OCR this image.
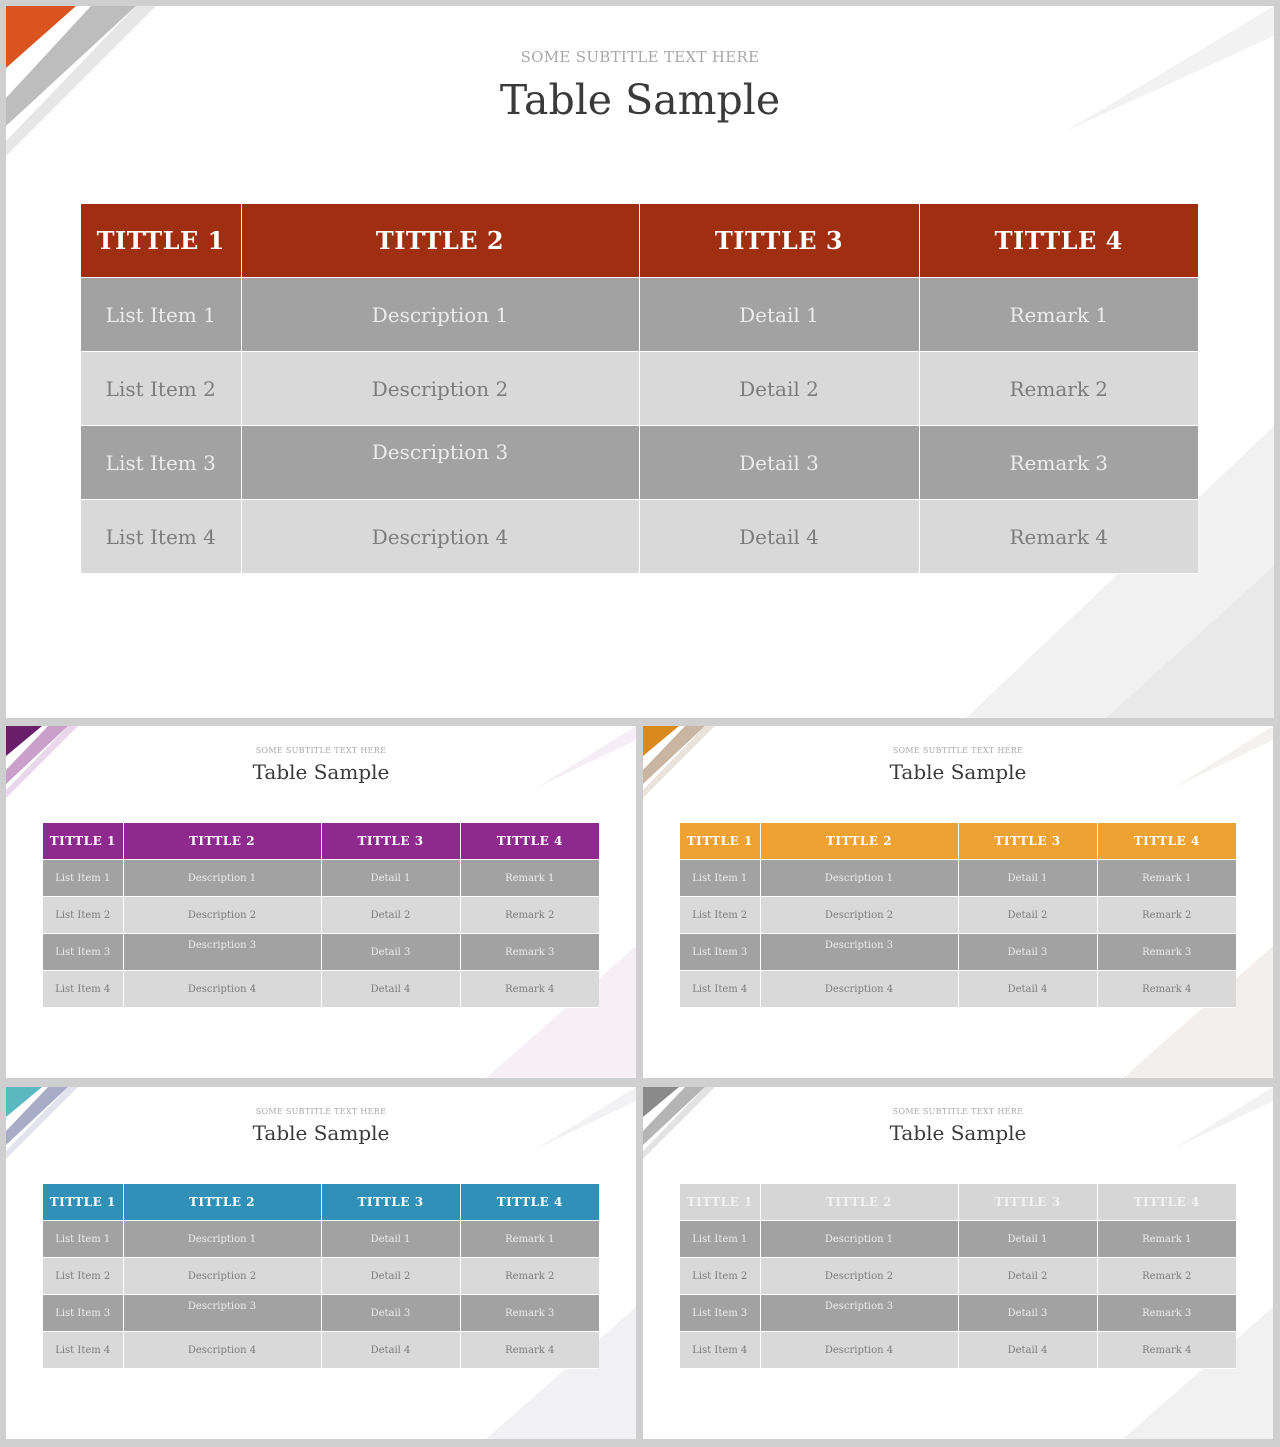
SOME SUBTITLE TEXT HERE
Table Sample
TITTLE 1	TITTLE 2	TITTLE 3	TITTLE 4
List Item 1	Description 1	Detail 1	Remark 1
List Item 2	Description 2	Detail 2	Remark 2
List Item 3	Description 3	Detail 3	Remark 3
List Item 4	Description 4	Detail 4	Remark 4
SOME SUBTITLE TEXT HERE
Table Sample
TITTLE 1	TITTLE 2	TITTLE 3	TITTLE 4
List Item 1	Description 1	Detail 1	Remark 1
List Item 2	Description 2	Detail 2	Remark 2
List Item 3	Description 3	Detail 3	Remark 3
List Item 4	Description 4	Detail 4	Remark 4
SOME SUBTITLE TEXT HERE
Table Sample
TITTLE 1	TITTLE 2	TITTLE 3	TITTLE 4
List Item 1	Description 1	Detail 1	Remark 1
List Item 2	Description 2	Detail 2	Remark 2
List Item 3	Description 3	Detail 3	Remark 3
List Item 4	Description 4	Detail 4	Remark 4
SOME SUBTITLE TEXT HERE
Table Sample
TITTLE 1	TITTLE 2	TITTLE 3	TITTLE 4
List Item 1	Description 1	Detail 1	Remark 1
List Item 2	Description 2	Detail 2	Remark 2
List Item 3	Description 3	Detail 3	Remark 3
List Item 4	Description 4	Detail 4	Remark 4
SOME SUBTITLE TEXT HERE
Table Sample
TITTLE 1	TITTLE 2	TITTLE 3	TITTLE 4
List Item 1	Description 1	Detail 1	Remark 1
List Item 2	Description 2	Detail 2	Remark 2
List Item 3	Description 3	Detail 3	Remark 3
List Item 4	Description 4	Detail 4	Remark 4
